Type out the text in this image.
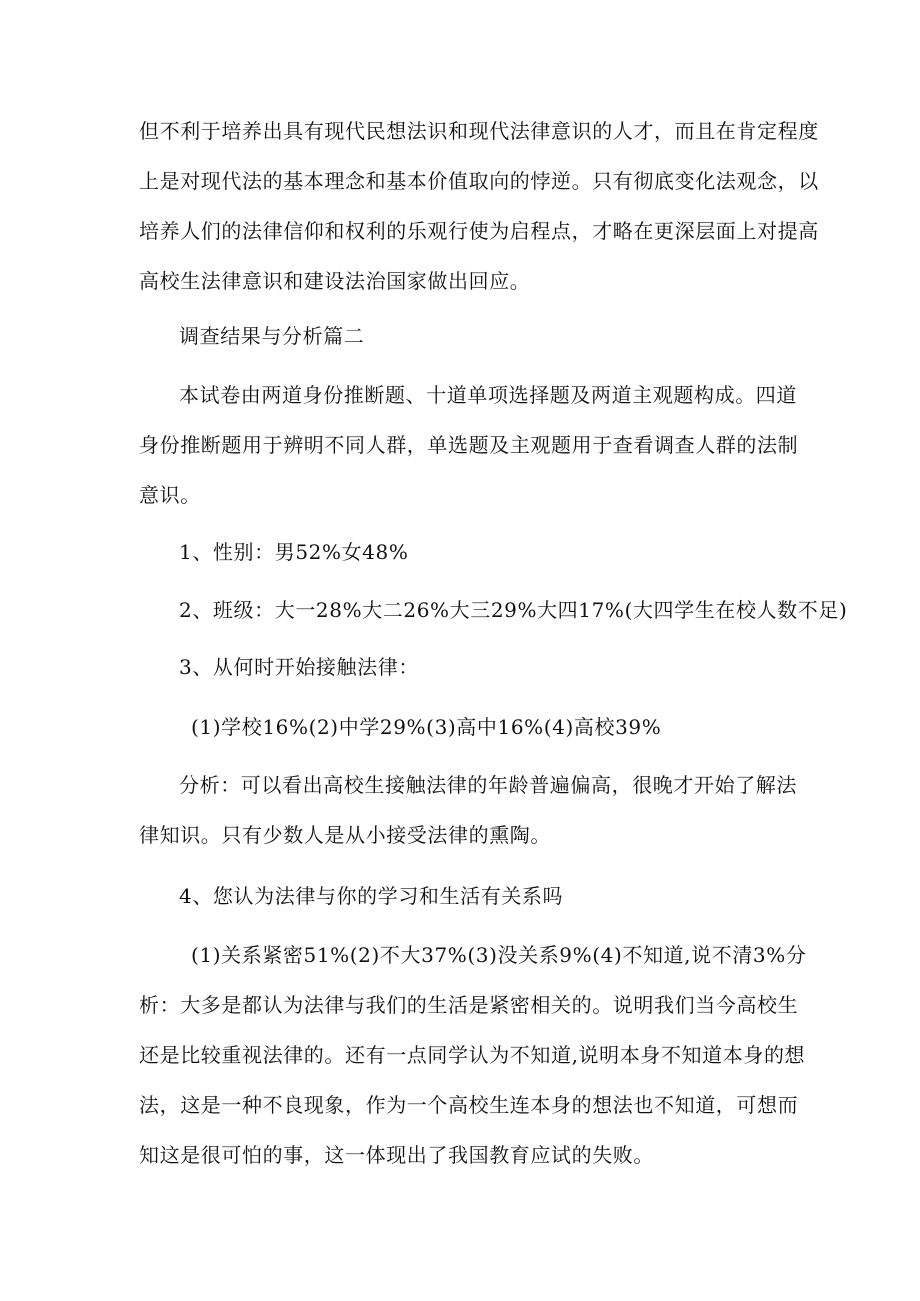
但不利于培养出具有现代民想法识和现代法律意识的人才，而且在肯定程度
上是对现代法的基本理念和基本价值取向的悖逆。只有彻底变化法观念，以
培养人们的法律信仰和权利的乐观行使为启程点，才略在更深层面上对提高
高校生法律意识和建设法治国家做出回应。
调查结果与分析篇二
本试卷由两道身份推断题、十道单项选择题及两道主观题构成。四道
身份推断题用于辨明不同人群，单选题及主观题用于查看调查人群的法制
意识。
1、性别：男52%女48%
2、班级：大一28%大二26%大三29%大四17%(大四学生在校人数不足)
3、从何时开始接触法律：
(1)学校16%(2)中学29%(3)高中16%(4)高校39%
分析：可以看出高校生接触法律的年龄普遍偏高，很晚才开始了解法
律知识。只有少数人是从小接受法律的熏陶。
4、您认为法律与你的学习和生活有关系吗
(1)关系紧密51%(2)不大37%(3)没关系9%(4)不知道,说不清3%分
析：大多是都认为法律与我们的生活是紧密相关的。说明我们当今高校生
还是比较重视法律的。还有一点同学认为不知道,说明本身不知道本身的想
法，这是一种不良现象，作为一个高校生连本身的想法也不知道，可想而
知这是很可怕的事，这一体现出了我国教育应试的失败。
